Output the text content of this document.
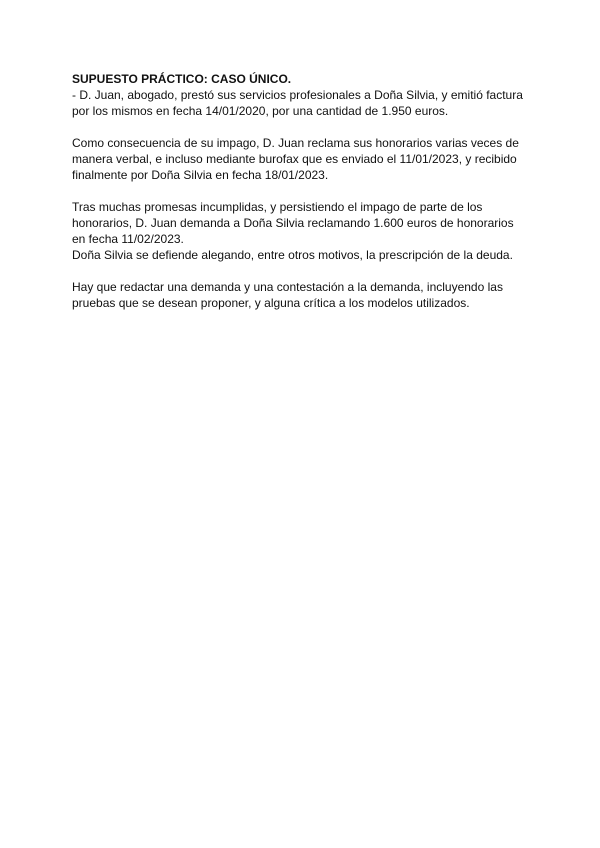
SUPUESTO PRÁCTICO: CASO ÚNICO.

- D. Juan, abogado, prestó sus servicios profesionales a Doña Silvia, y emitió factura

por los mismos en fecha 14/01/2020, por una cantidad de 1.950 euros.

Como consecuencia de su impago, D. Juan reclama sus honorarios varias veces de

manera verbal, e incluso mediante burofax que es enviado el 11/01/2023, y recibido

finalmente por Doña Silvia en fecha 18/01/2023.

Tras muchas promesas incumplidas, y persistiendo el impago de parte de los

honorarios, D. Juan demanda a Doña Silvia reclamando 1.600 euros de honorarios

en fecha 11/02/2023.

Doña Silvia se defiende alegando, entre otros motivos, la prescripción de la deuda.

Hay que redactar una demanda y una contestación a la demanda, incluyendo las

pruebas que se desean proponer, y alguna crítica a los modelos utilizados.
